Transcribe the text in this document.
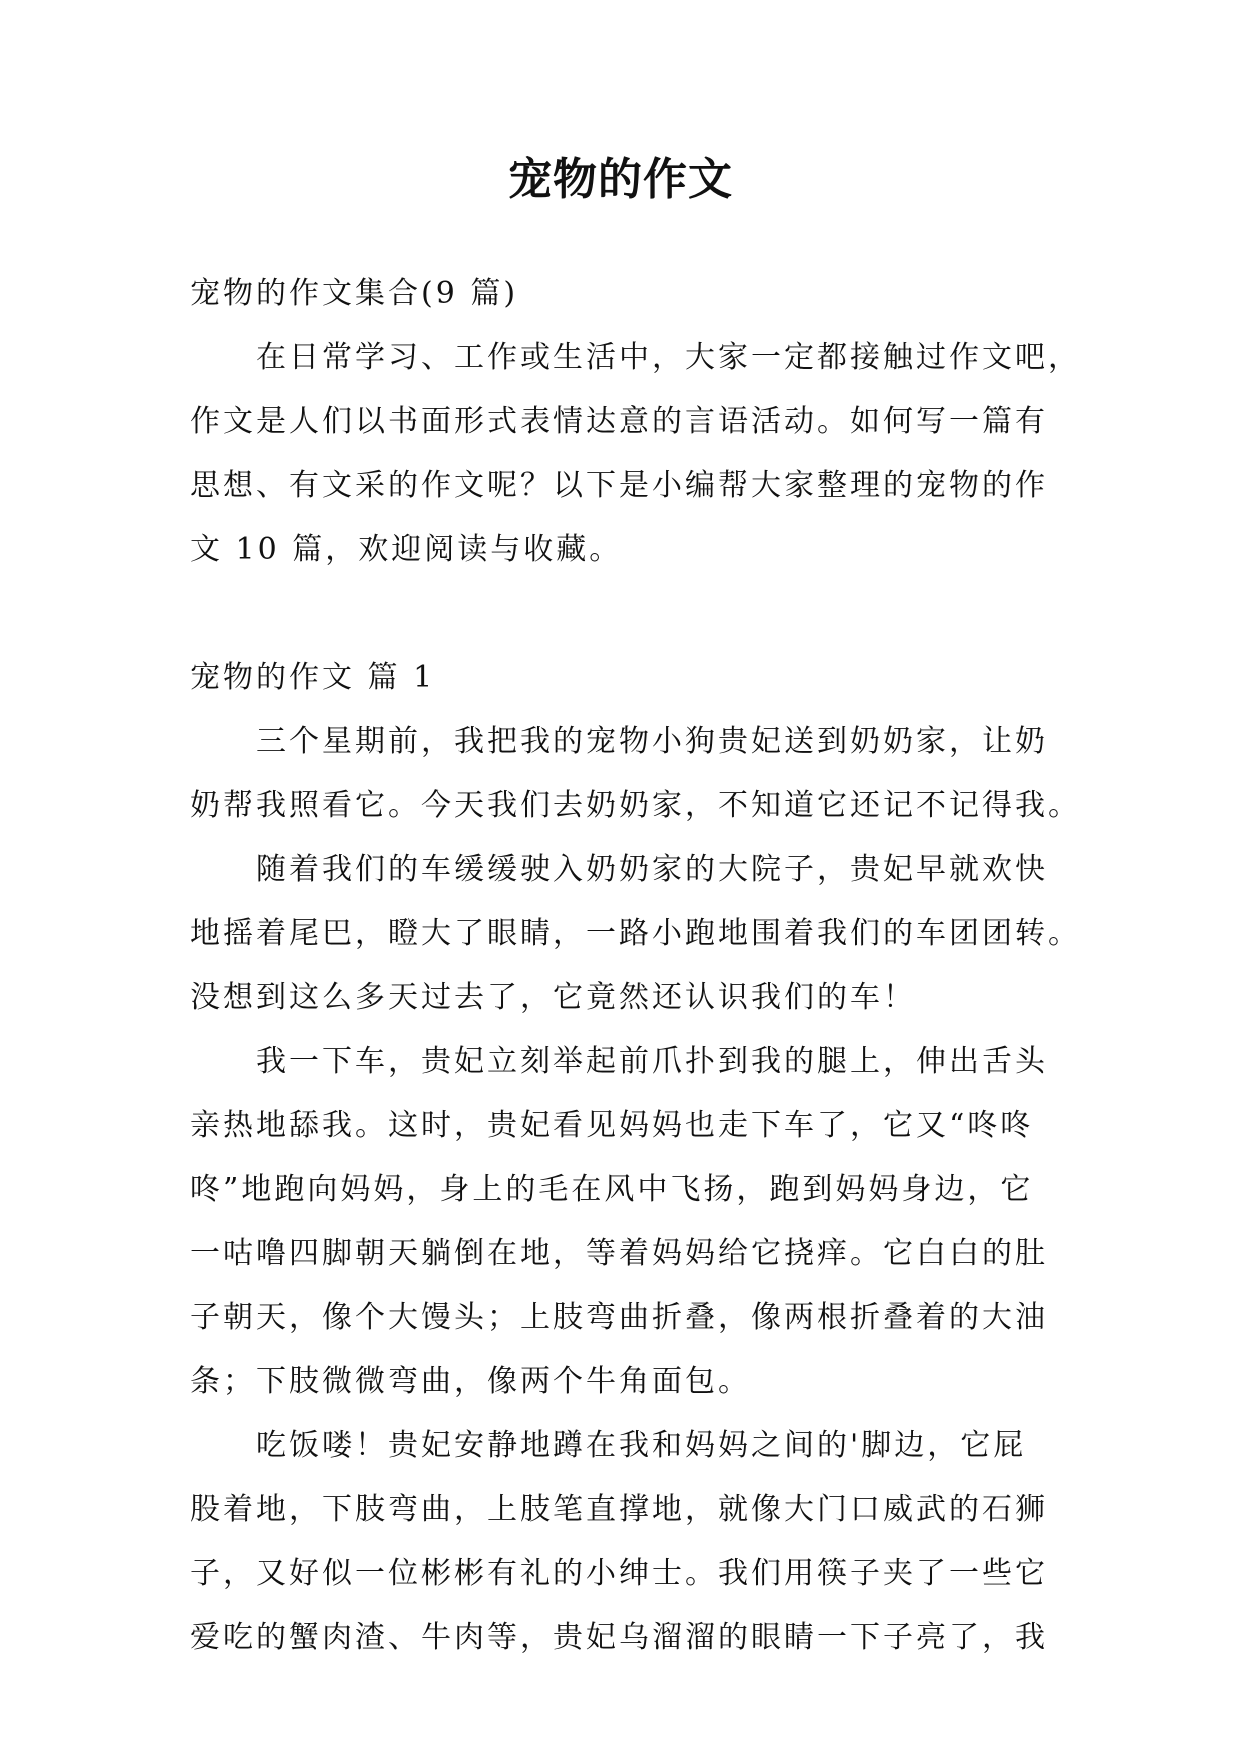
宠物的作文
宠物的作文集合(9 篇)
在日常学习、工作或生活中，大家一定都接触过作文吧，
作文是人们以书面形式表情达意的言语活动。如何写一篇有
思想、有文采的作文呢？以下是小编帮大家整理的宠物的作
文 10 篇，欢迎阅读与收藏。
宠物的作文 篇 1
三个星期前，我把我的宠物小狗贵妃送到奶奶家，让奶
奶帮我照看它。今天我们去奶奶家，不知道它还记不记得我。
随着我们的车缓缓驶入奶奶家的大院子，贵妃早就欢快
地摇着尾巴，瞪大了眼睛，一路小跑地围着我们的车团团转。
没想到这么多天过去了，它竟然还认识我们的车！
我一下车，贵妃立刻举起前爪扑到我的腿上，伸出舌头
亲热地舔我。这时，贵妃看见妈妈也走下车了，它又“咚咚
咚”地跑向妈妈，身上的毛在风中飞扬，跑到妈妈身边，它
一咕噜四脚朝天躺倒在地，等着妈妈给它挠痒。它白白的肚
子朝天，像个大馒头；上肢弯曲折叠，像两根折叠着的大油
条；下肢微微弯曲，像两个牛角面包。
吃饭喽！贵妃安静地蹲在我和妈妈之间的'脚边，它屁
股着地，下肢弯曲，上肢笔直撑地，就像大门口威武的石狮
子，又好似一位彬彬有礼的小绅士。我们用筷子夹了一些它
爱吃的蟹肉渣、牛肉等，贵妃乌溜溜的眼睛一下子亮了，我
